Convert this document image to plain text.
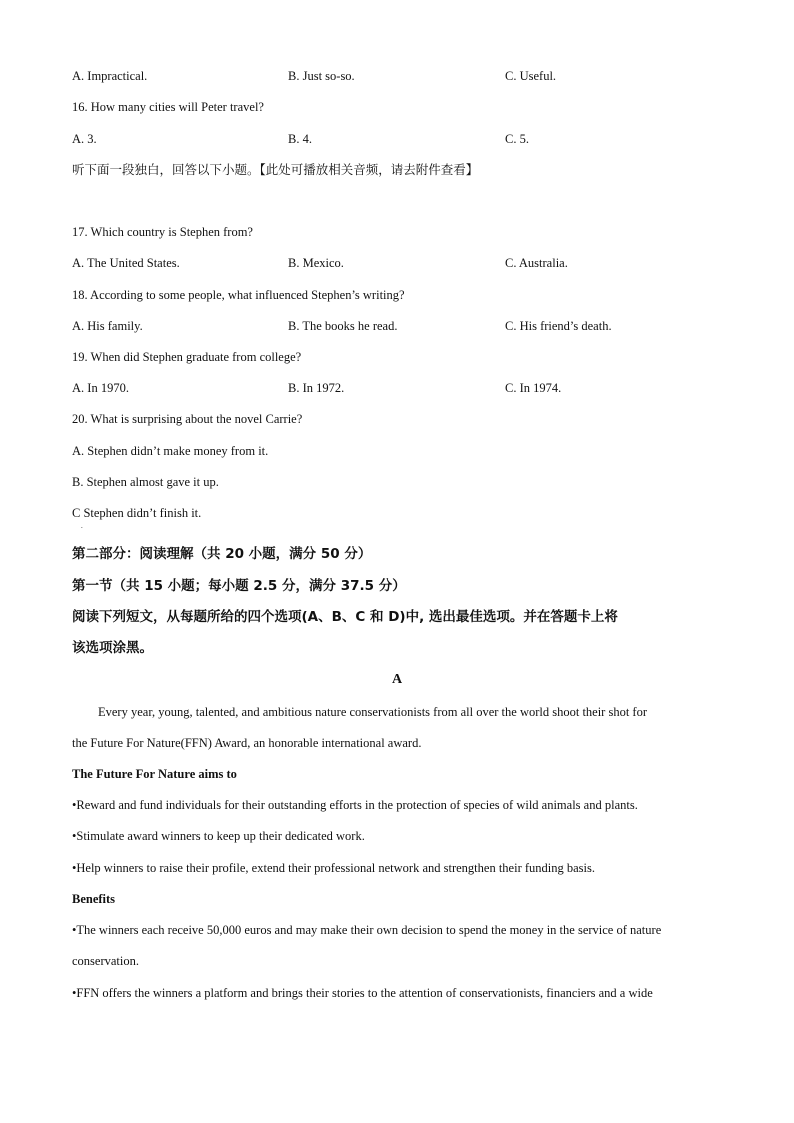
A. Impractical.	B. Just so-so.	C. Useful.
16. How many cities will Peter travel?
A. 3.	B. 4.	C. 5.
听下面一段独白，回答以下小题。【此处可播放相关音频，请去附件查看】
17. Which country is Stephen from?
A. The United States.	B. Mexico.	C. Australia.
18. According to some people, what influenced Stephen’s writing?
A. His family.	B. The books he read.	C. His friend’s death.
19. When did Stephen graduate from college?
A. In 1970.	B. In 1972.	C. In 1974.
20. What is surprising about the novel Carrie?
A. Stephen didn’t make money from it.
B. Stephen almost gave it up.
C Stephen didn’t finish it.
.
第二部分：阅读理解（共 20 小题，满分 50 分）
第一节（共 15 小题；每小题 2.5 分，满分 37.5 分）
阅读下列短文，从每题所给的四个选项(A、B、C 和 D)中, 选出最佳选项。并在答题卡上将
该选项涂黑。
A
Every year, young, talented, and ambitious nature conservationists from all over the world shoot their shot for
the Future For Nature(FFN) Award, an honorable international award.
The Future For Nature aims to
•Reward and fund individuals for their outstanding efforts in the protection of species of wild animals and plants.
•Stimulate award winners to keep up their dedicated work.
•Help winners to raise their profile, extend their professional network and strengthen their funding basis.
Benefits
•The winners each receive 50,000 euros and may make their own decision to spend the money in the service of nature
conservation.
•FFN offers the winners a platform and brings their stories to the attention of conservationists, financiers and a wide
